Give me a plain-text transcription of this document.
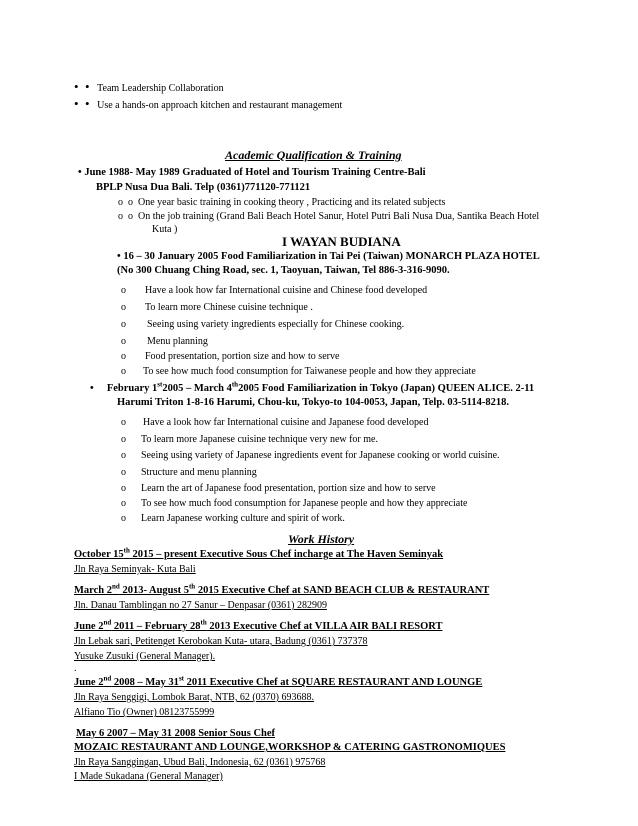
•  • Team Leadership Collaboration
•  • Use a hands-on approach kitchen and restaurant management
Academic Qualification & Training
• June 1988- May 1989 Graduated of Hotel and Tourism Training Centre-Bali
BPLP Nusa Dua Bali. Telp (0361)771120-771121
o  o One year basic training in cooking theory , Practicing and its related subjects
o  o On the job training (Grand Bali Beach Hotel Sanur, Hotel Putri Bali Nusa Dua, Santika Beach Hotel
Kuta )
I WAYAN BUDIANA
• 16 – 30 January 2005 Food Familiarization in Tai Pei (Taiwan) MONARCH PLAZA HOTEL
(No 300 Chuang Ching Road, sec. 1, Taoyuan, Taiwan, Tel 886-3-316-9090.
o Have a look how far International cuisine and Chinese food developed
o To learn more Chinese cuisine technique .
o Seeing using variety ingredients especially for Chinese cooking.
o Menu planning
o Food presentation, portion size and how to serve
o To see how much food consumption for Taiwanese people and how they appreciate
• February 1st2005 – March 4th2005 Food Familiarization in Tokyo (Japan) QUEEN ALICE. 2-11
Harumi Triton 1-8-16 Harumi, Chou-ku, Tokyo-to 104-0053, Japan, Telp. 03-5114-8218.
o Have a look how far International cuisine and Japanese food developed
o To learn more Japanese cuisine technique very new for me.
o Seeing using variety of Japanese ingredients event for Japanese cooking or world cuisine.
o Structure and menu planning
o Learn the art of Japanese food presentation, portion size and how to serve
o To see how much food consumption for Japanese people and how they appreciate
o Learn Japanese working culture and spirit of work.
Work History
October 15th 2015 – present Executive Sous Chef incharge at The Haven Seminyak
Jln Raya Seminyak- Kuta Bali
March 2nd 2013- August 5th 2015 Executive Chef at SAND BEACH CLUB & RESTAURANT
Jln. Danau Tamblingan no 27 Sanur – Denpasar (0361) 282909
June 2nd 2011 – February 28th 2013 Executive Chef at VILLA AIR BALI RESORT
Jln Lebak sari, Petitenget Kerobokan Kuta- utara, Badung (0361) 737378
Yusuke Zusuki (General Manager).
.
June 2nd 2008 – May 31st 2011 Executive Chef at SQUARE RESTAURANT AND LOUNGE
Jln Raya Senggigi, Lombok Barat, NTB, 62 (0370) 693688.
Alfiano Tio (Owner) 08123755999
May 6 2007 – May 31 2008 Senior Sous Chef
MOZAIC RESTAURANT AND LOUNGE,WORKSHOP & CATERING GASTRONOMIQUES
Jln Raya Sanggingan, Ubud Bali, Indonesia, 62 (0361) 975768
I Made Sukadana (General Manager)
